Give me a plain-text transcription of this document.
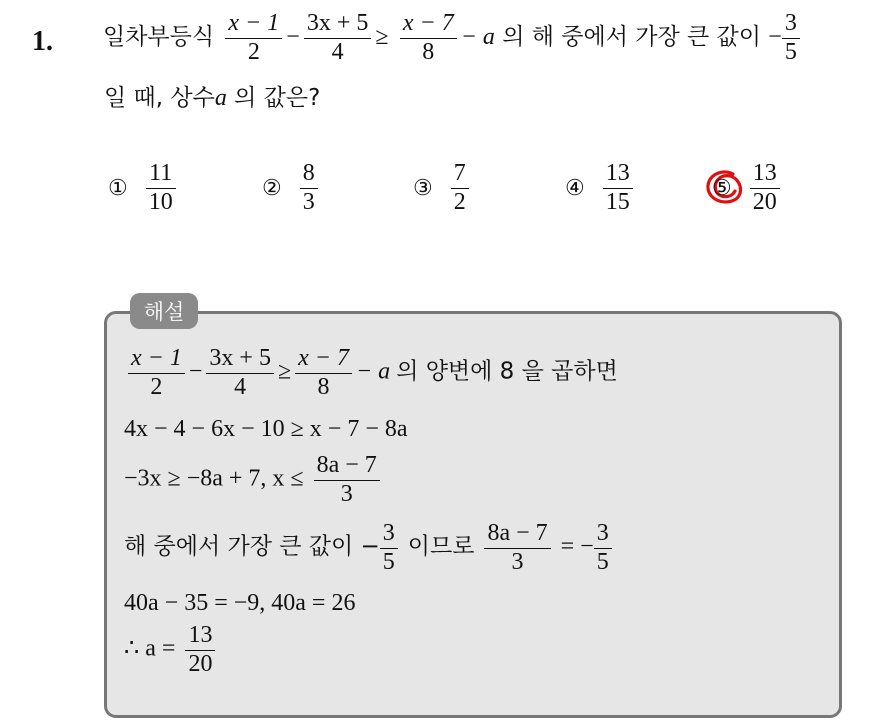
1. 일차부등식 $\frac{x - 1}{2} - \frac{3x + 5}{4} \ge \frac{x - 7}{8} - a$ 의 해 중에서 가장 큰 값이 − $\frac{3}{5}$
일 때, 상수a 의 값은?
① $\frac{11}{10}$	② $\frac{8}{3}$	③ $\frac{7}{2}$	④ $\frac{13}{15}$	⑤ $\frac{13}{20}$
해설
$\frac{x - 1}{2} - \frac{3x + 5}{4} \ge \frac{x - 7}{8} - a$ 의 양변에 8 을 곱하면
4x − 4 − 6x − 10 ≥ x − 7 − 8a
−3x ≥ −8a + 7, $x \le \frac{8a - 7}{3}$
해 중에서 가장 큰 값이 − $\frac{3}{5}$ 이므로 $\frac{8a - 7}{3}$ = − $\frac{3}{5}$
40a − 35 = −9, 40a = 26
∴ $a = \frac{13}{20}$
